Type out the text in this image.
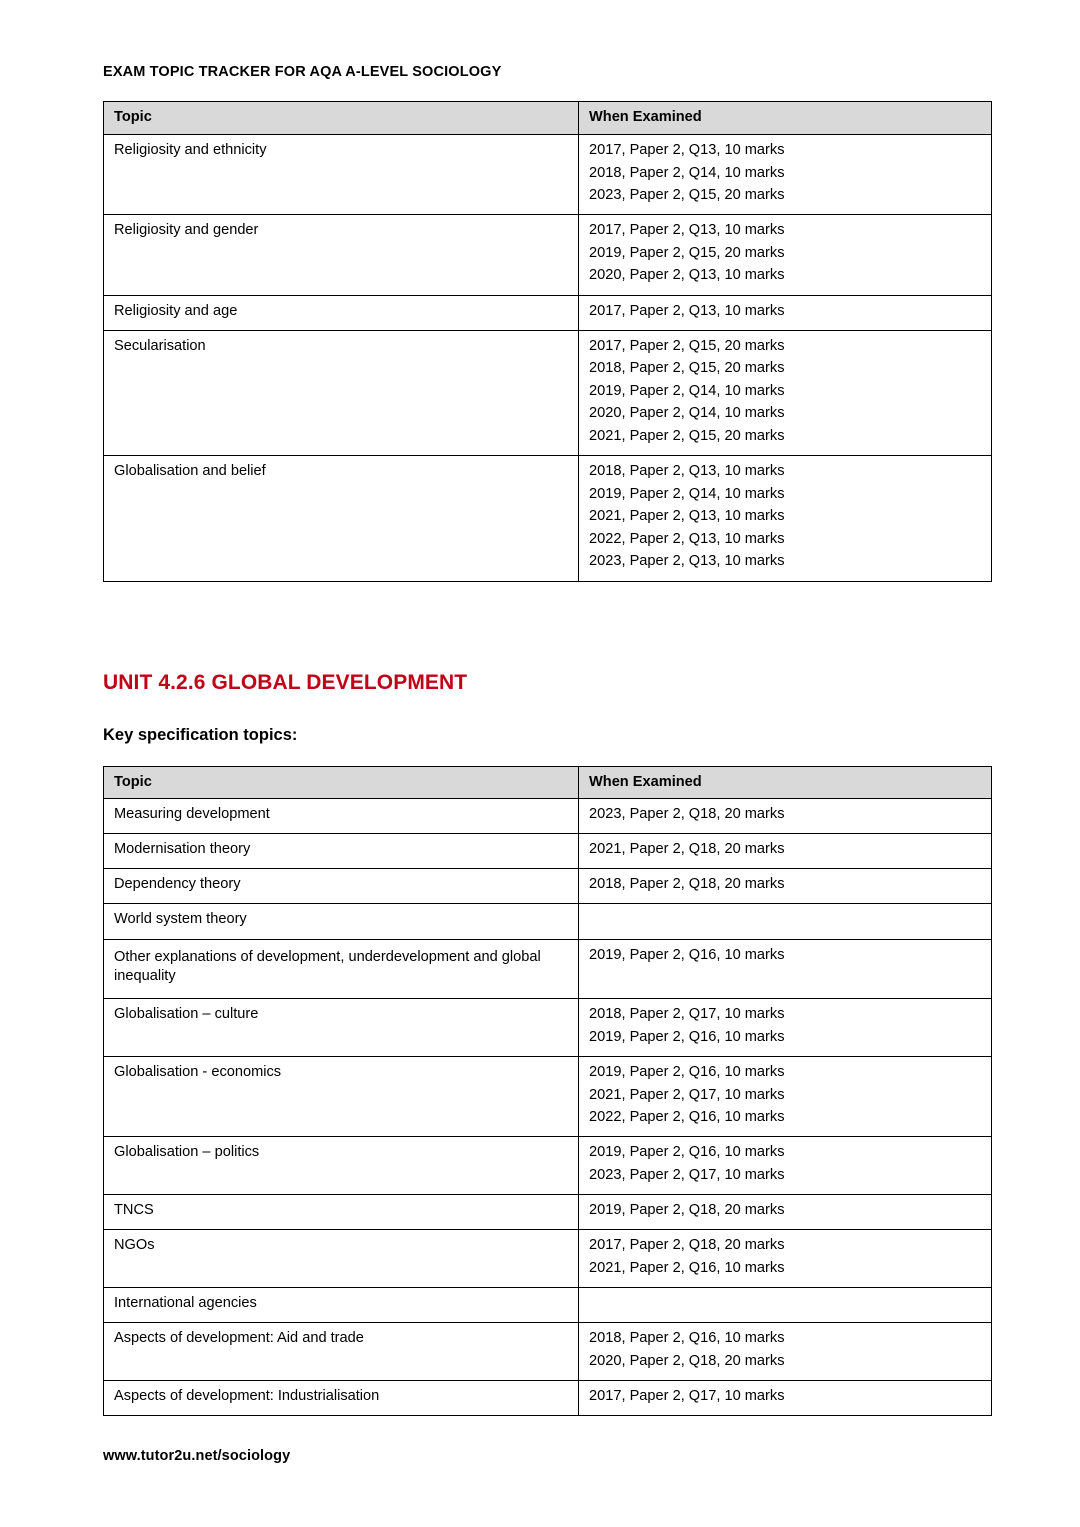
EXAM TOPIC TRACKER FOR AQA A-LEVEL SOCIOLOGY
Topic	When Examined

Religiosity and ethnicity	2017, Paper 2, Q13, 10 marks
2018, Paper 2, Q14, 10 marks
2023, Paper 2, Q15, 20 marks

Religiosity and gender	2017, Paper 2, Q13, 10 marks
2019, Paper 2, Q15, 20 marks
2020, Paper 2, Q13, 10 marks

Religiosity and age	2017, Paper 2, Q13, 10 marks

Secularisation	2017, Paper 2, Q15, 20 marks
2018, Paper 2, Q15, 20 marks
2019, Paper 2, Q14, 10 marks
2020, Paper 2, Q14, 10 marks
2021, Paper 2, Q15, 20 marks

Globalisation and belief	2018, Paper 2, Q13, 10 marks
2019, Paper 2, Q14, 10 marks
2021, Paper 2, Q13, 10 marks
2022, Paper 2, Q13, 10 marks
2023, Paper 2, Q13, 10 marks
UNIT 4.2.6 GLOBAL DEVELOPMENT
Key specification topics:
Topic	When Examined

Measuring development	2023, Paper 2, Q18, 20 marks

Modernisation theory	2021, Paper 2, Q18, 20 marks

Dependency theory	2018, Paper 2, Q18, 20 marks

World system theory	

Other explanations of development, underdevelopment and global inequality	2019, Paper 2, Q16, 10 marks

Globalisation – culture	2018, Paper 2, Q17, 10 marks
2019, Paper 2, Q16, 10 marks

Globalisation - economics	2019, Paper 2, Q16, 10 marks
2021, Paper 2, Q17, 10 marks
2022, Paper 2, Q16, 10 marks

Globalisation – politics	2019, Paper 2, Q16, 10 marks
2023, Paper 2, Q17, 10 marks

TNCS	2019, Paper 2, Q18, 20 marks

NGOs	2017, Paper 2, Q18, 20 marks
2021, Paper 2, Q16, 10 marks

International agencies	

Aspects of development: Aid and trade	2018, Paper 2, Q16, 10 marks
2020, Paper 2, Q18, 20 marks

Aspects of development: Industrialisation	2017, Paper 2, Q17, 10 marks
www.tutor2u.net/sociology
